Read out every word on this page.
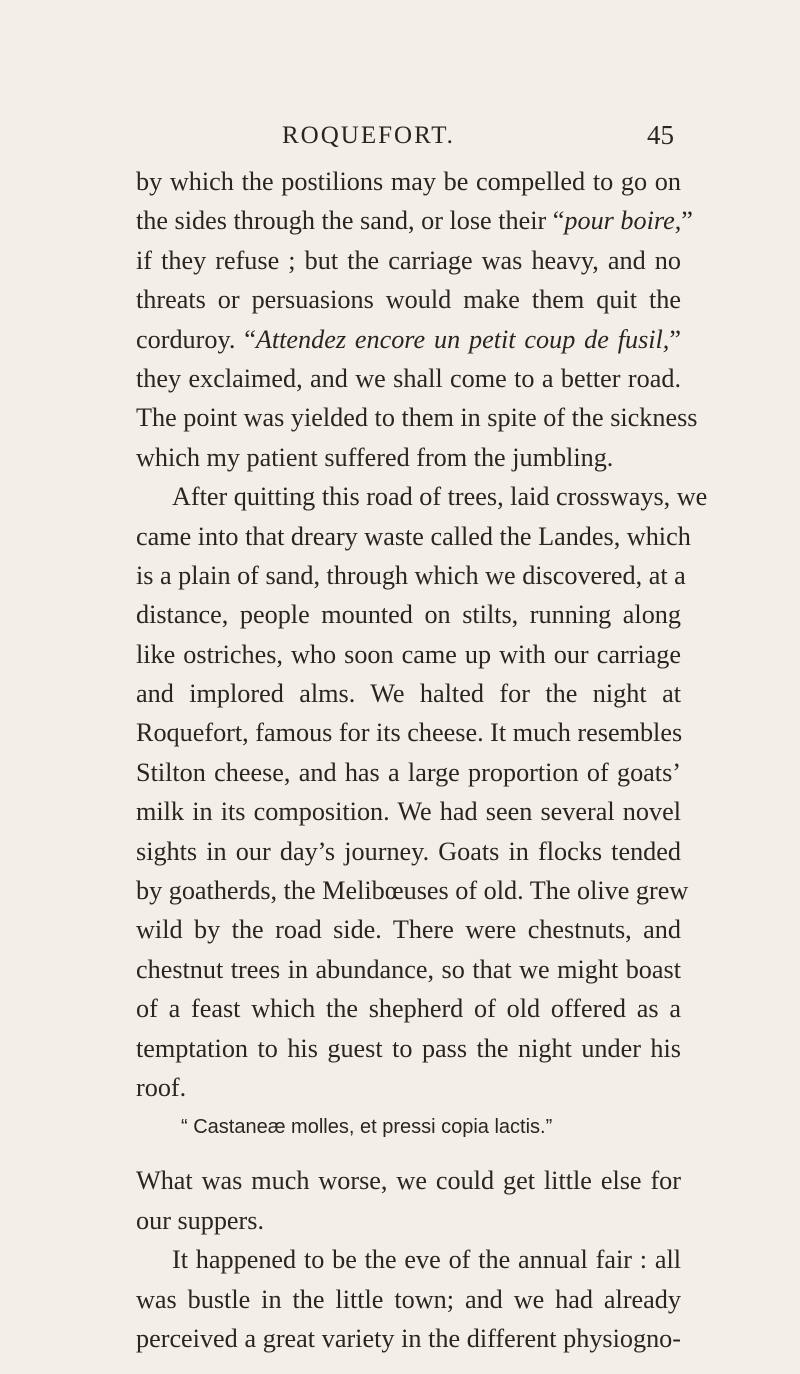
ROQUEFORT.	45
by which the postilions may be compelled to go on
the sides through the sand, or lose their “pour boire,”
if they refuse ; but the carriage was heavy, and no
threats or persuasions would make them quit the
corduroy. “Attendez encore un petit coup de fusil,”
they exclaimed, and we shall come to a better road.
The point was yielded to them in spite of the sickness
which my patient suffered from the jumbling.
After quitting this road of trees, laid crossways, we
came into that dreary waste called the Landes, which
is a plain of sand, through which we discovered, at a
distance, people mounted on stilts, running along
like ostriches, who soon came up with our carriage
and implored alms. We halted for the night at
Roquefort, famous for its cheese. It much resembles
Stilton cheese, and has a large proportion of goats’
milk in its composition. We had seen several novel
sights in our day’s journey. Goats in flocks tended
by goatherds, the Melibœuses of old. The olive grew
wild by the road side. There were chestnuts, and
chestnut trees in abundance, so that we might boast
of a feast which the shepherd of old offered as a
temptation to his guest to pass the night under his
roof.
“ Castaneæ molles, et pressi copia lactis.”
What was much worse, we could get little else for
our suppers.
It happened to be the eve of the annual fair : all
was bustle in the little town; and we had already
perceived a great variety in the different physiogno-
